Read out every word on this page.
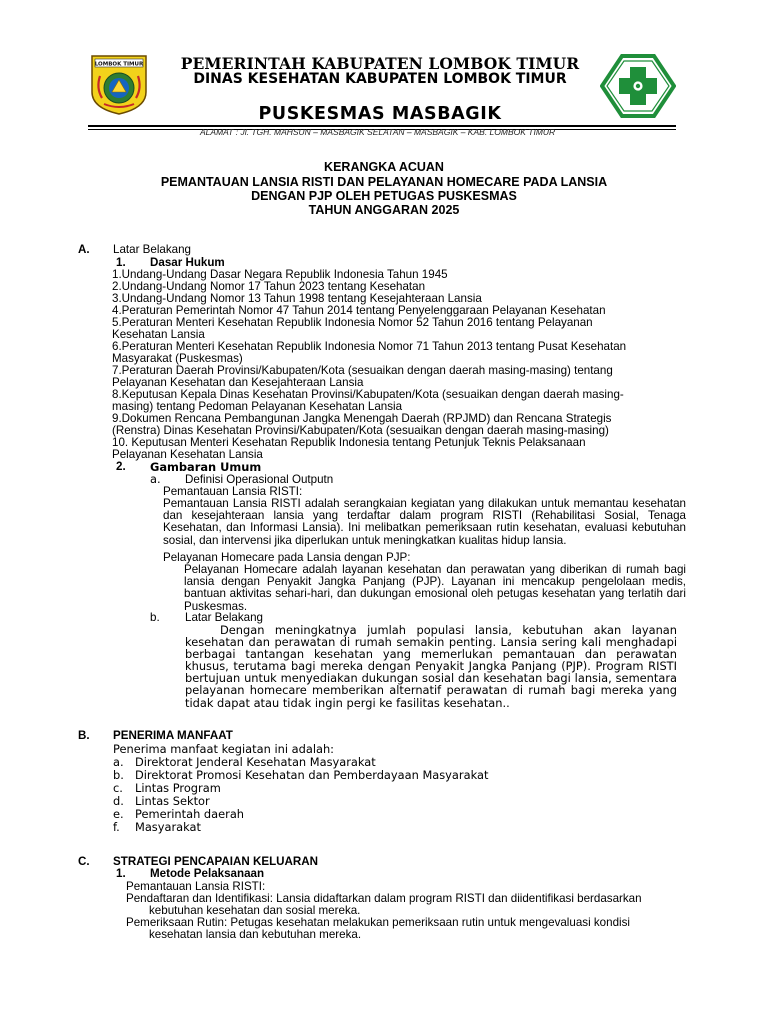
LOMBOK TIMUR	PEMERINTAH KABUPATEN LOMBOK TIMUR
DINAS KESEHATAN KABUPATEN LOMBOK TIMUR
PUSKESMAS MASBAGIK
ALAMAT : Jl. TGH. MAHSUN – MASBAGIK SELATAN – MASBAGIK – KAB. LOMBOK TIMUR
KERANGKA ACUAN
PEMANTAUAN LANSIA RISTI DAN PELAYANAN HOMECARE PADA LANSIA
DENGAN PJP OLEH PETUGAS PUSKESMAS
TAHUN ANGGARAN 2025
A. Latar Belakang
1. Dasar Hukum
1.Undang-Undang Dasar Negara Republik Indonesia Tahun 1945
2.Undang-Undang Nomor 17 Tahun 2023 tentang Kesehatan
3.Undang-Undang Nomor 13 Tahun 1998 tentang Kesejahteraan Lansia
4.Peraturan Pemerintah Nomor 47 Tahun 2014 tentang Penyelenggaraan Pelayanan Kesehatan
5.Peraturan Menteri Kesehatan Republik Indonesia Nomor 52 Tahun 2016 tentang Pelayanan
Kesehatan Lansia
6.Peraturan Menteri Kesehatan Republik Indonesia Nomor 71 Tahun 2013 tentang Pusat Kesehatan
Masyarakat (Puskesmas)
7.Peraturan Daerah Provinsi/Kabupaten/Kota (sesuaikan dengan daerah masing-masing) tentang
Pelayanan Kesehatan dan Kesejahteraan Lansia
8.Keputusan Kepala Dinas Kesehatan Provinsi/Kabupaten/Kota (sesuaikan dengan daerah masing-
masing) tentang Pedoman Pelayanan Kesehatan Lansia
9.Dokumen Rencana Pembangunan Jangka Menengah Daerah (RPJMD) dan Rencana Strategis
(Renstra) Dinas Kesehatan Provinsi/Kabupaten/Kota (sesuaikan dengan daerah masing-masing)
10. Keputusan Menteri Kesehatan Republik Indonesia tentang Petunjuk Teknis Pelaksanaan
Pelayanan Kesehatan Lansia
2. Gambaran Umum
a. Definisi Operasional Outputn
Pemantauan Lansia RISTI:
Pemantauan Lansia RISTI adalah serangkaian kegiatan yang dilakukan untuk memantau kesehatan dan kesejahteraan lansia yang terdaftar dalam program RISTI (Rehabilitasi Sosial, Tenaga Kesehatan, dan Informasi Lansia). Ini melibatkan pemeriksaan rutin kesehatan, evaluasi kebutuhan sosial, dan intervensi jika diperlukan untuk meningkatkan kualitas hidup lansia.
Pelayanan Homecare pada Lansia dengan PJP:
Pelayanan Homecare adalah layanan kesehatan dan perawatan yang diberikan di rumah bagi lansia dengan Penyakit Jangka Panjang (PJP). Layanan ini mencakup pengelolaan medis, bantuan aktivitas sehari-hari, dan dukungan emosional oleh petugas kesehatan yang terlatih dari Puskesmas.
b. Latar Belakang
Dengan meningkatnya jumlah populasi lansia, kebutuhan akan layanan kesehatan dan perawatan di rumah semakin penting. Lansia sering kali menghadapi berbagai tantangan kesehatan yang memerlukan pemantauan dan perawatan khusus, terutama bagi mereka dengan Penyakit Jangka Panjang (PJP). Program RISTI bertujuan untuk menyediakan dukungan sosial dan kesehatan bagi lansia, sementara pelayanan homecare memberikan alternatif perawatan di rumah bagi mereka yang tidak dapat atau tidak ingin pergi ke fasilitas kesehatan..
B. PENERIMA MANFAAT
Penerima manfaat kegiatan ini adalah:
a. Direktorat Jenderal Kesehatan Masyarakat
b. Direktorat Promosi Kesehatan dan Pemberdayaan Masyarakat
c. Lintas Program
d. Lintas Sektor
e. Pemerintah daerah
f. Masyarakat
C. STRATEGI PENCAPAIAN KELUARAN
1. Metode Pelaksanaan
Pemantauan Lansia RISTI:
Pendaftaran dan Identifikasi: Lansia didaftarkan dalam program RISTI dan diidentifikasi berdasarkan
kebutuhan kesehatan dan sosial mereka.
Pemeriksaan Rutin: Petugas kesehatan melakukan pemeriksaan rutin untuk mengevaluasi kondisi
kesehatan lansia dan kebutuhan mereka.
